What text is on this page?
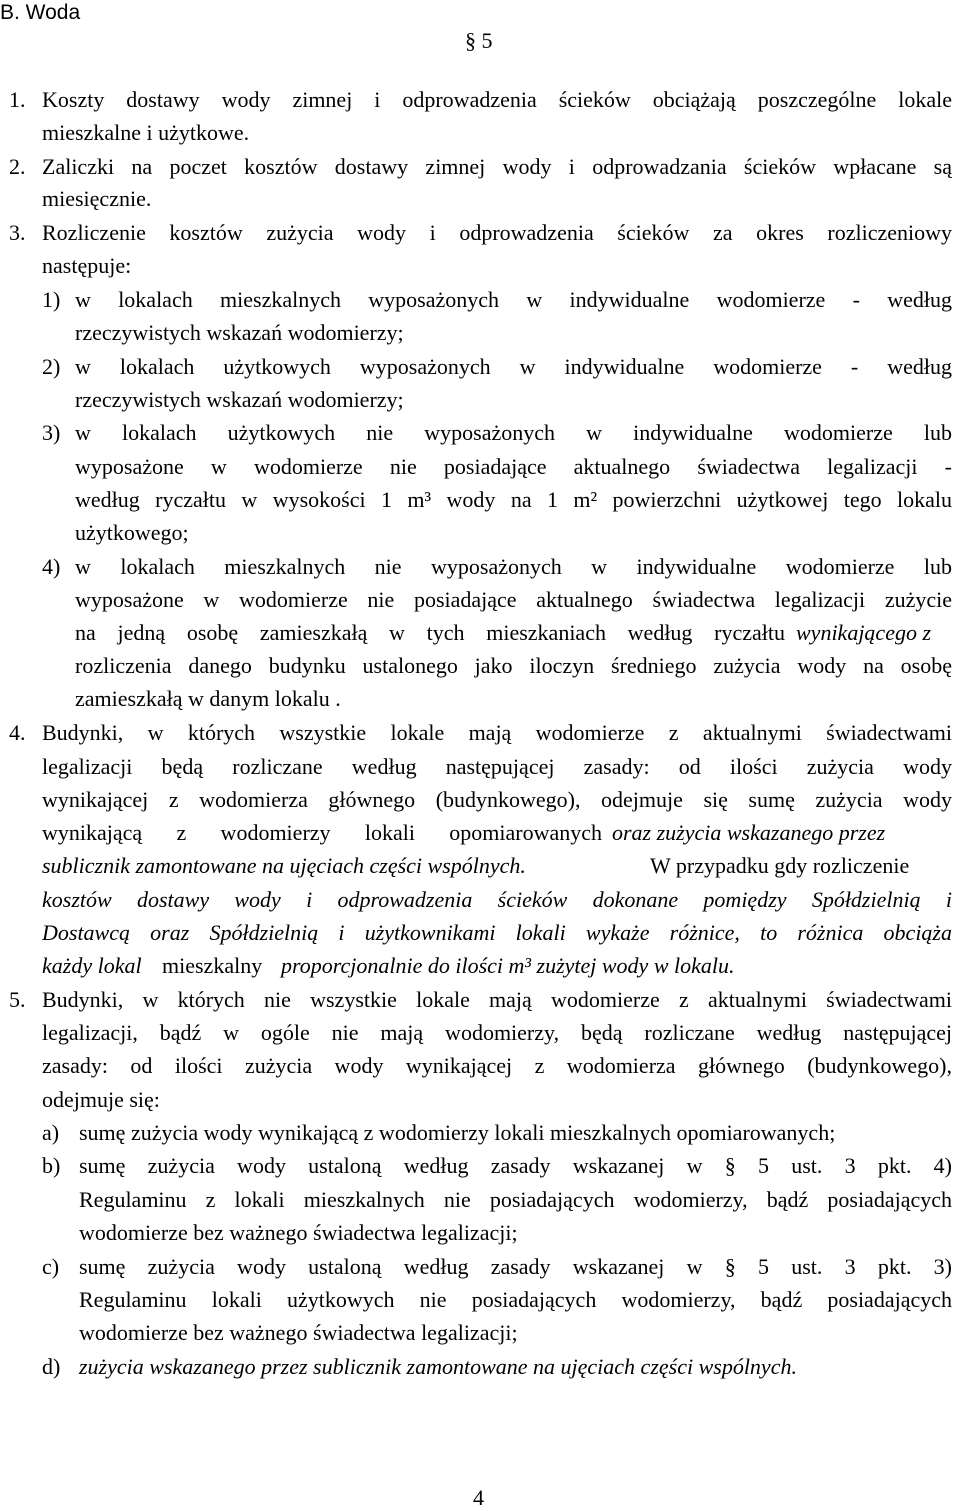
B. Woda
§ 5
1. Koszty dostawy wody zimnej i odprowadzenia ścieków obciążają poszczególne lokale
mieszkalne i użytkowe.
2. Zaliczki na poczet kosztów dostawy zimnej wody i odprowadzania ścieków wpłacane są
miesięcznie.
3. Rozliczenie kosztów zużycia wody i odprowadzenia ścieków za okres rozliczeniowy
następuje:
1) w lokalach mieszkalnych wyposażonych w indywidualne wodomierze - według
rzeczywistych wskazań wodomierzy;
2) w lokalach użytkowych wyposażonych w indywidualne wodomierze - według
rzeczywistych wskazań wodomierzy;
3) w lokalach użytkowych nie wyposażonych w indywidualne wodomierze lub
wyposażone w wodomierze nie posiadające aktualnego świadectwa legalizacji -
według ryczałtu w wysokości 1 m³ wody na 1 m² powierzchni użytkowej tego lokalu
użytkowego;
4) w lokalach mieszkalnych nie wyposażonych w indywidualne wodomierze lub
wyposażone w wodomierze nie posiadające aktualnego świadectwa legalizacji zużycie
na jedną osobę zamieszkałą w tych mieszkaniach według ryczałtu wynikającego z
rozliczenia danego budynku ustalonego jako iloczyn średniego zużycia wody na osobę
zamieszkałą w danym lokalu .
4. Budynki, w których wszystkie lokale mają wodomierze z aktualnymi świadectwami
legalizacji będą rozliczane według następującej zasady: od ilości zużycia wody
wynikającej z wodomierza głównego (budynkowego), odejmuje się sumę zużycia wody
wynikającą z wodomierzy lokali opomiarowanych oraz zużycia wskazanego przez
sublicznik zamontowane na ujęciach części wspólnych.	W przypadku gdy rozliczenie
kosztów dostawy wody i odprowadzenia ścieków dokonane pomiędzy Spółdzielnią i
Dostawcą oraz Spółdzielnią i użytkownikami lokali wykaże różnice, to różnica obciąża
każdy lokal mieszkalny proporcjonalnie do ilości m³ zużytej wody w lokalu.
5. Budynki, w których nie wszystkie lokale mają wodomierze z aktualnymi świadectwami
legalizacji, bądź w ogóle nie mają wodomierzy, będą rozliczane według następującej
zasady: od ilości zużycia wody wynikającej z wodomierza głównego (budynkowego),
odejmuje się:
a) sumę zużycia wody wynikającą z wodomierzy lokali mieszkalnych opomiarowanych;
b) sumę zużycia wody ustaloną według zasady wskazanej w § 5 ust. 3 pkt. 4)
Regulaminu z lokali mieszkalnych nie posiadających wodomierzy, bądź posiadających
wodomierze bez ważnego świadectwa legalizacji;
c) sumę zużycia wody ustaloną według zasady wskazanej w § 5 ust. 3 pkt. 3)
Regulaminu lokali użytkowych nie posiadających wodomierzy, bądź posiadających
wodomierze bez ważnego świadectwa legalizacji;
d) zużycia wskazanego przez sublicznik zamontowane na ujęciach części wspólnych.
4
